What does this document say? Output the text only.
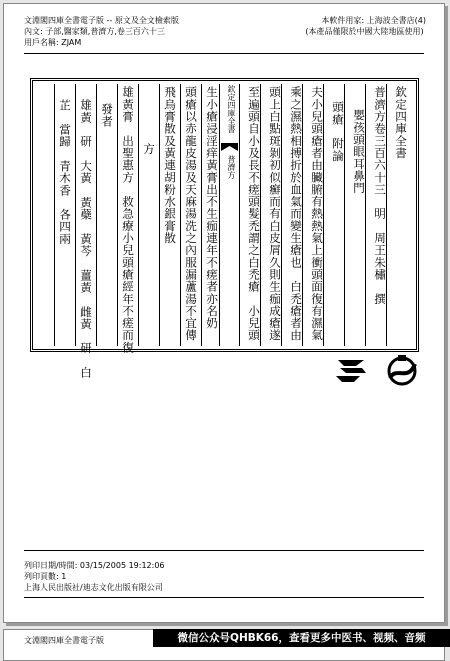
文淵閣四庫全書電子版 -- 原文及全文檢索版
內文: 子部,醫家類,普濟方,卷三百六十三
用戶名稱: ZJAM
本軟件用家: 上海波全書店(4)
(本產品僅限於中國大陸地區使用)
欽定四庫全書
普濟方卷三百六十三　明　周王朱橚　撰
嬰孩頭眼耳鼻門
頭瘡　附論
夫小兒頭瘡者由臟腑有熱熱氣上衝頭面復有濕氣
乘之濕熱相搏折於血氣而變生瘡也　白禿瘡者由
頭上白點斑剝初似癬而有白皮屑久則生痂成瘡遂
至遍頭自小及長不瘥頭髮禿謂之白禿瘡　小兒頭
欽定四庫全書
普濟方
生小瘡浸淫痒黃膏出不生痂連年不瘥者亦名奶
頭瘡以赤龍皮湯及天麻湯洗之內服漏蘆湯不宜傳
飛烏膏散及黃連胡粉水銀膏散
方
雄黃膏　出聖惠方　救急療小兒頭瘡經年不瘥而復
發者
雄黃　研　大黃　黃蘗　黃芩　薑黃　雌黃　研　白
芷　當歸　青木香　各四兩
列印日期/時間: 03/15/2005 19:12:06
列印頁數: 1
上海人民出版社/迪志文化出版有限公司
文淵閣四庫全書電子版	微信公众号QHBK66，查看更多中医书、视频、音频
